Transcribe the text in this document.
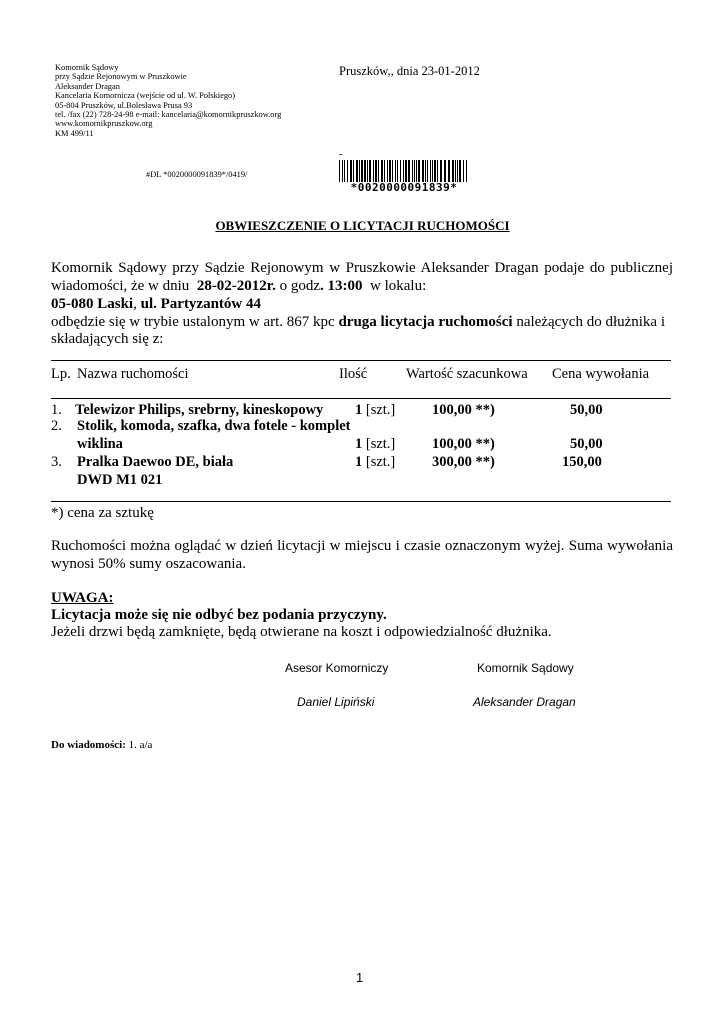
Komornik Sądowy
przy Sądzie Rejonowym w Pruszkowie
Aleksander Dragan
Kancelaria Komornicza (wejście od ul. W. Polskiego)
05-804 Pruszków, ul.Bolesława Prusa 93
tel. /fax (22) 728-24-98 e-mail: kancelaria@komornikpruszkow.org
www.komornikpruszkow.org
KM 499/11
Pruszków,, dnia 23-01-2012
#DL *0020000091839*/0419/
-
*0020000091839*
OBWIESZCZENIE O LICYTACJI RUCHOMOŚCI
Komornik Sądowy przy Sądzie Rejonowym w Pruszkowie Aleksander Dragan podaje do publicznej
wiadomości, że w dniu  28-02-2012r. o godz. 13:00  w lokalu:
05-080 Laski, ul. Partyzantów 44
odbędzie się w trybie ustalonym w art. 867 kpc druga licytacja ruchomości należących do dłużnika i
składających się z:
Lp. Nazwa ruchomości	Ilość	Wartość szacunkowa Cena wywołania
1. Telewizor Philips, srebrny, kineskopowy 1 [szt.]	100,00 **)	50,00
2. Stolik, komoda, szafka, dwa fotele - komplet
wiklina	1 [szt.]	100,00 **)	50,00
3. Pralka Daewoo DE, biała
DWD M1 021
1 [szt.]	300,00 **)	150,00
*) cena za sztukę
Ruchomości można oglądać w dzień licytacji w miejscu i czasie oznaczonym wyżej. Suma wywołania
wynosi 50% sumy oszacowania.
UWAGA:
Licytacja może się nie odbyć bez podania przyczyny.
Jeżeli drzwi będą zamknięte, będą otwierane na koszt i odpowiedzialność dłużnika.
Asesor Komorniczy
Daniel Lipiński
Komornik Sądowy
Aleksander Dragan
Do wiadomości: 1. a/a
1
